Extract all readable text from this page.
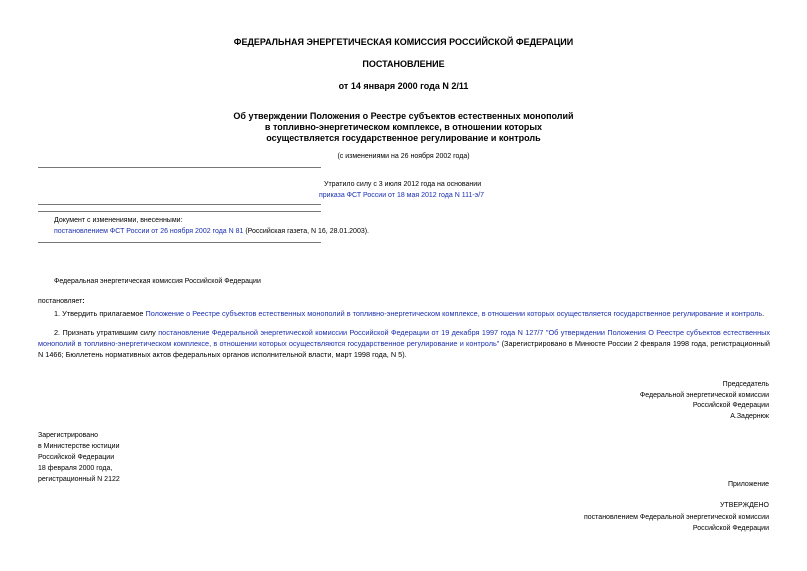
ФЕДЕРАЛЬНАЯ ЭНЕРГЕТИЧЕСКАЯ КОМИССИЯ РОССИЙСКОЙ ФЕДЕРАЦИИ
ПОСТАНОВЛЕНИЕ
от 14 января 2000 года N 2/11
Об утверждении Положения о Реестре субъектов естественных монополий
в топливно-энергетическом комплексе, в отношении которых
осуществляется государственное регулирование и контроль
(с изменениями на 26 ноября 2002 года)
Утратило силу с 3 июля 2012 года на основании
приказа ФСТ России от 18 мая 2012 года N 111-э/7
Документ с изменениями, внесенными:
постановлением ФСТ России от 26 ноября 2002 года N 81 (Российская газета, N 16, 28.01.2003).
Федеральная энергетическая комиссия Российской Федерации
постановляет:
1. Утвердить прилагаемое Положение о Реестре субъектов естественных монополий в топливно-энергетическом комплексе, в отношении которых осуществляется государственное регулирование и контроль.
2. Признать утратившим силу постановление Федеральной энергетической комиссии Российской Федерации от 19 декабря 1997 года N 127/7 "Об утверждении Положения О Реестре субъектов естественных монополий в топливно-энергетическом комплексе, в отношении которых осуществляются государственное регулирование и контроль" (Зарегистрировано в Минюсте России 2 февраля 1998 года, регистрационный N 1466; Бюллетень нормативных актов федеральных органов исполнительной власти, март 1998 года, N 5).
Председатель
Федеральной энергетической комиссии
Российской Федерации
А.Задернюк
Зарегистрировано
в Министерстве юстиции
Российской Федерации
18 февраля 2000 года,
регистрационный N 2122
Приложение
УТВЕРЖДЕНО
постановлением Федеральной энергетической комиссии
Российской Федерации
